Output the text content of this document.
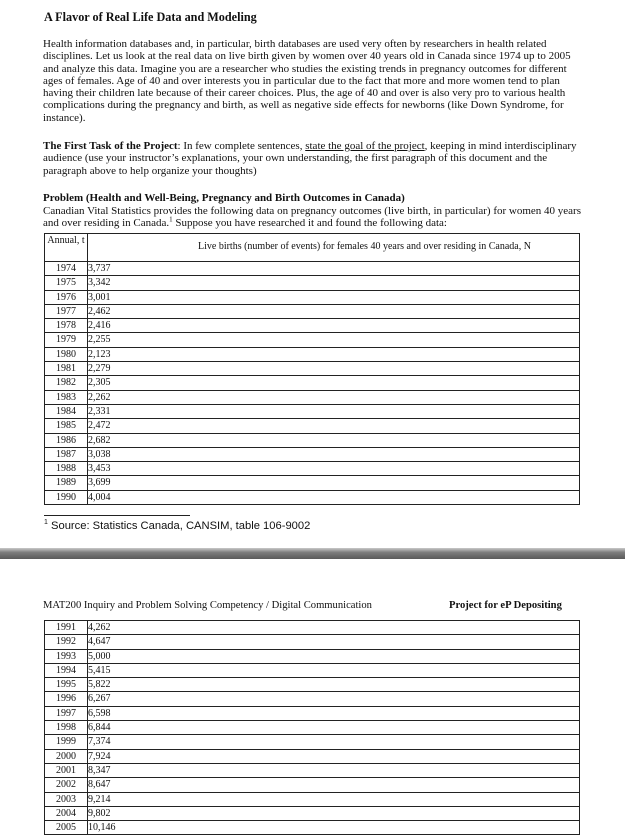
A Flavor of Real Life Data and Modeling
Health information databases and, in particular, birth databases are used very often by researchers in health related disciplines. Let us look at the real data on live birth given by women over 40 years old in Canada since 1974 up to 2005 and analyze this data. Imagine you are a researcher who studies the existing trends in pregnancy outcomes for different ages of females. Age of 40 and over interests you in particular due to the fact that more and more women tend to plan having their children late because of their career choices. Plus, the age of 40 and over is also very pro to various health complications during the pregnancy and birth, as well as negative side effects for newborns (like Down Syndrome, for instance).
The First Task of the Project: In few complete sentences, state the goal of the project, keeping in mind interdisciplinary audience (use your instructor’s explanations, your own understanding, the first paragraph of this document and the paragraph above to help organize your thoughts)
Problem (Health and Well-Being, Pregnancy and Birth Outcomes in Canada)
Canadian Vital Statistics provides the following data on pregnancy outcomes (live birth, in particular) for women 40 years and over residing in Canada.$^1$ Suppose you have researched it and found the following data:
Annual, t	Live births (number of events) for females 40 years and over residing in Canada, N
1974	3,737
1975	3,342
1976	3,001
1977	2,462
1978	2,416
1979	2,255
1980	2,123
1981	2,279
1982	2,305
1983	2,262
1984	2,331
1985	2,472
1986	2,682
1987	3,038
1988	3,453
1989	3,699
1990	4,004
$^1$ Source: Statistics Canada, CANSIM, table 106-9002
MAT200 Inquiry and Problem Solving Competency / Digital Communication	Project for eP Depositing
1991	4,262
1992	4,647
1993	5,000
1994	5,415
1995	5,822
1996	6,267
1997	6,598
1998	6,844
1999	7,374
2000	7,924
2001	8,347
2002	8,647
2003	9,214
2004	9,802
2005	10,146
